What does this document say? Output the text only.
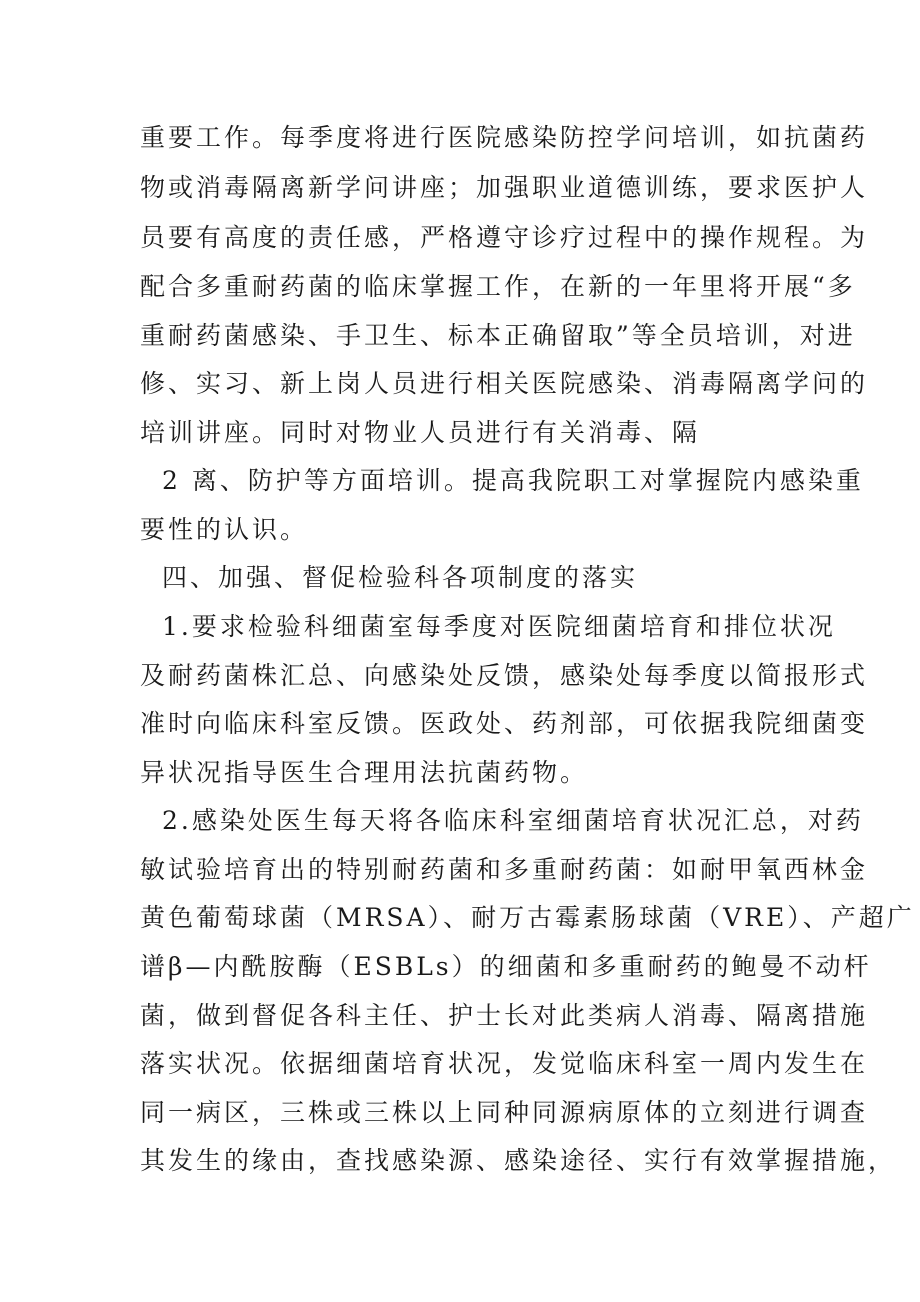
重要工作。每季度将进行医院感染防控学问培训，如抗菌药
物或消毒隔离新学问讲座；加强职业道德训练，要求医护人
员要有高度的责任感，严格遵守诊疗过程中的操作规程。为
配合多重耐药菌的临床掌握工作，在新的一年里将开展“多
重耐药菌感染、手卫生、标本正确留取”等全员培训，对进
修、实习、新上岗人员进行相关医院感染、消毒隔离学问的
培训讲座。同时对物业人员进行有关消毒、隔
2 离、防护等方面培训。提高我院职工对掌握院内感染重
要性的认识。
四、加强、督促检验科各项制度的落实
1.要求检验科细菌室每季度对医院细菌培育和排位状况
及耐药菌株汇总、向感染处反馈，感染处每季度以简报形式
准时向临床科室反馈。医政处、药剂部，可依据我院细菌变
异状况指导医生合理用法抗菌药物。
2.感染处医生每天将各临床科室细菌培育状况汇总，对药
敏试验培育出的特别耐药菌和多重耐药菌：如耐甲氧西林金
黄色葡萄球菌（MRSA）、耐万古霉素肠球菌（VRE）、产超广
谱β—内酰胺酶（ESBLs）的细菌和多重耐药的鲍曼不动杆
菌，做到督促各科主任、护士长对此类病人消毒、隔离措施
落实状况。依据细菌培育状况，发觉临床科室一周内发生在
同一病区，三株或三株以上同种同源病原体的立刻进行调查
其发生的缘由，查找感染源、感染途径、实行有效掌握措施，
